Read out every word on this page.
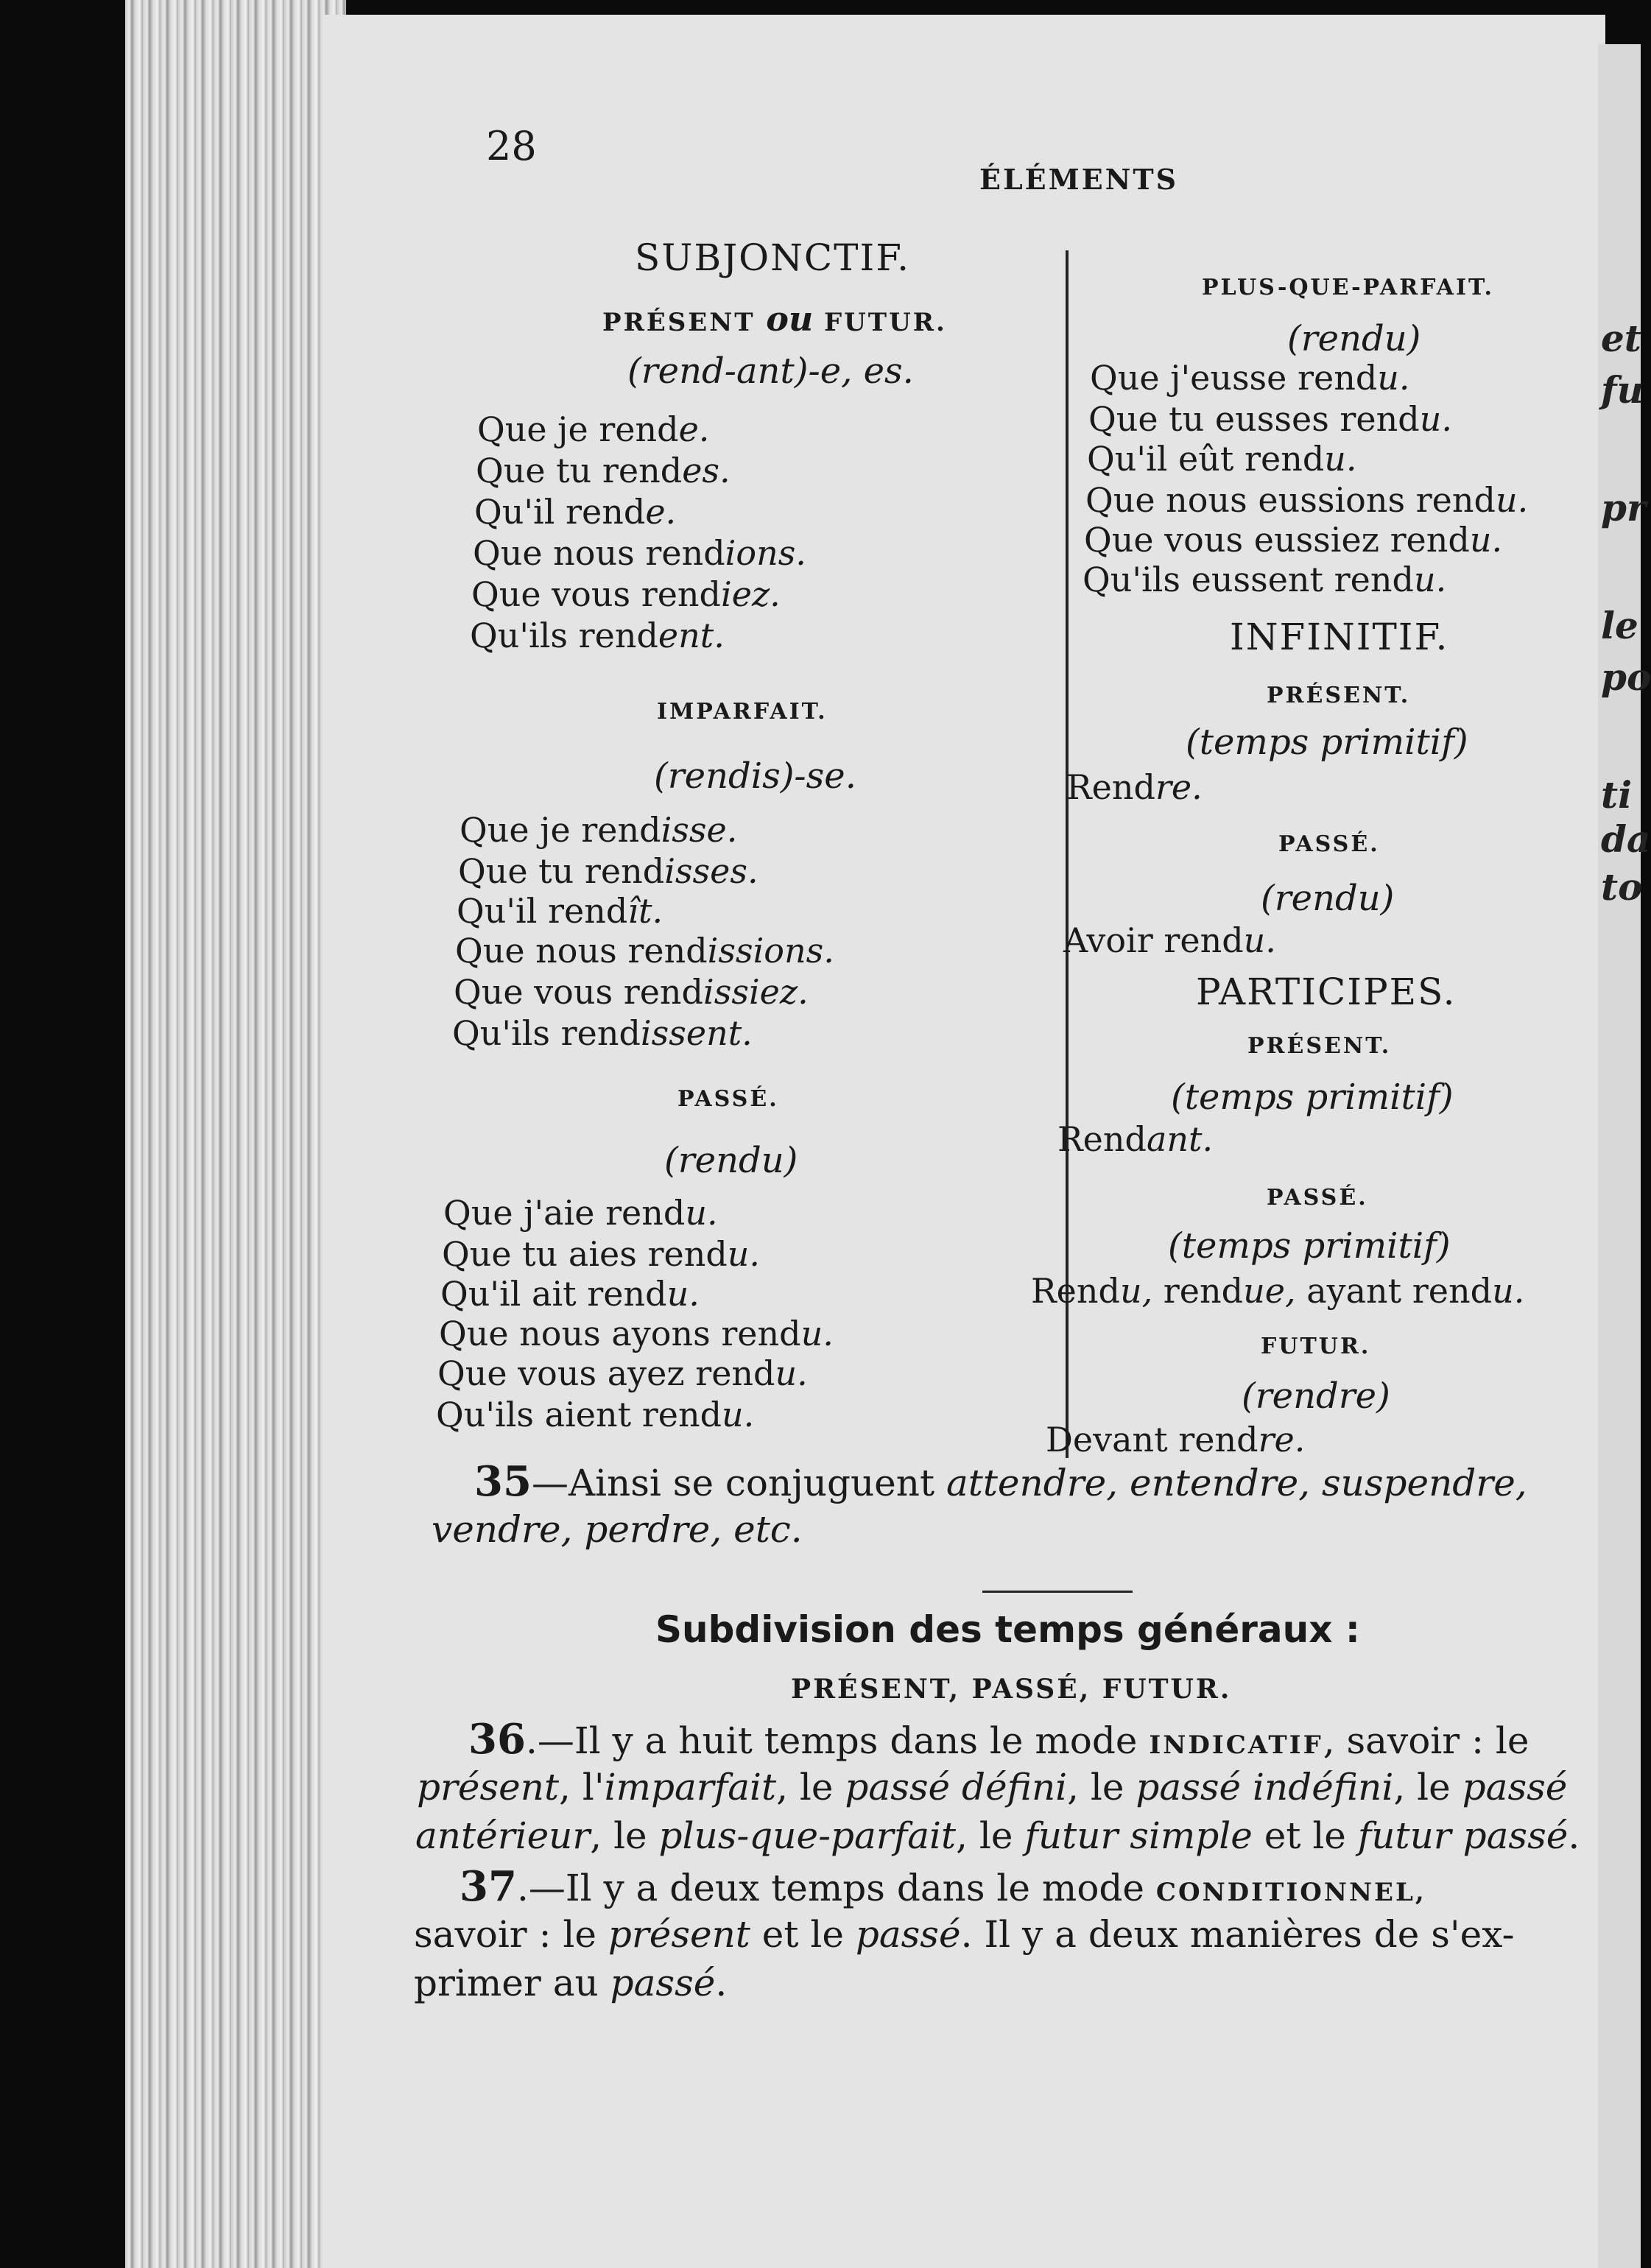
et
fu
pr
le
po
ti
da
to
28
ÉLÉMENTS
SUBJONCTIF.
PRÉSENT ou FUTUR.
(rend-ant)-e, es.
Que je rende.
Que tu rendes.
Qu'il rende.
Que nous rendions.
Que vous rendiez.
Qu'ils rendent.
IMPARFAIT.
(rendis)-se.
Que je rendisse.
Que tu rendisses.
Qu'il rendît.
Que nous rendissions.
Que vous rendissiez.
Qu'ils rendissent.
PASSÉ.
(rendu)
Que j'aie rendu.
Que tu aies rendu.
Qu'il ait rendu.
Que nous ayons rendu.
Que vous ayez rendu.
Qu'ils aient rendu.
PLUS-QUE-PARFAIT.
(rendu)
Que j'eusse rendu.
Que tu eusses rendu.
Qu'il eût rendu.
Que nous eussions rendu.
Que vous eussiez rendu.
Qu'ils eussent rendu.
INFINITIF.
PRÉSENT.
(temps primitif)
Rendre.
PASSÉ.
(rendu)
Avoir rendu.
PARTICIPES.
PRÉSENT.
(temps primitif)
Rendant.
PASSÉ.
(temps primitif)
Rendu, rendue, ayant rendu.
FUTUR.
(rendre)
Devant rendre.
35—Ainsi se conjuguent attendre, entendre, suspendre,
vendre, perdre, etc.
Subdivision des temps généraux :
PRÉSENT, PASSÉ, FUTUR.
36.—Il y a huit temps dans le mode INDICATIF, savoir : le
présent, l'imparfait, le passé défini, le passé indéfini, le passé
antérieur, le plus-que-parfait, le futur simple et le futur passé.
37.—Il y a deux temps dans le mode CONDITIONNEL,
savoir : le présent et le passé. Il y a deux manières de s'ex-
primer au passé.
